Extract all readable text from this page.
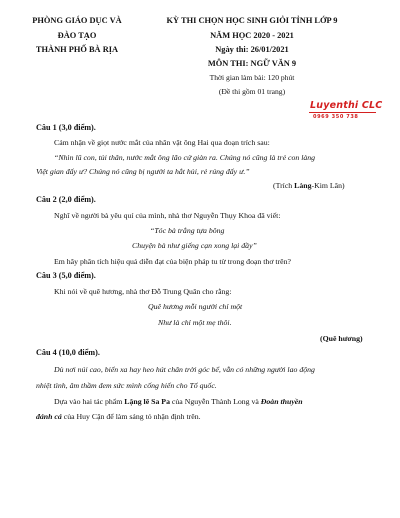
PHÒNG GIÁO DỤC VÀ
ĐÀO TẠO
THÀNH PHỐ BÀ RỊA
KỲ THI CHỌN HỌC SINH GIỎI TỈNH LỚP 9
NĂM HỌC 2020 - 2021
Ngày thi: 26/01/2021
MÔN THI: NGỮ VĂN 9
Thời gian làm bài: 120 phút
(Đề thi gồm 01 trang)
Luyenthi CLC
0969 350 738
Câu 1 (3,0 điểm).
Cảm nhận về giọt nước mắt của nhân vật ông Hai qua đoạn trích sau:
“Nhìn lũ con, tủi thân, nước mắt ông lão cứ giàn ra. Chúng nó cũng là trẻ con làng
Việt gian đấy ư? Chúng nó cũng bị người ta hắt hủi, rẻ rúng đấy ư.”
(Trích Làng-Kim Lân)
Câu 2 (2,0 điểm).
Nghĩ về người bà yêu quí của mình, nhà thơ Nguyễn Thụy Khoa đã viết:
“Tóc bà trắng tựa bông
Chuyện bà như giếng cạn xong lại đầy”
Em hãy phân tích hiệu quả diễn đạt của biện pháp tu từ trong đoạn thơ trên?
Câu 3 (5,0 điểm).
Khi nói về quê hương, nhà thơ Đỗ Trung Quân cho rằng:
Quê hương mỗi người chỉ một
Như là chỉ một mẹ thôi.
(Quê hương)
Câu 4 (10,0 điểm).
Dù nơi núi cao, biển xa hay heo hút chân trời góc bể, vẫn có những người lao động
nhiệt tình, âm thầm đem sức mình cống hiến cho Tổ quốc.
Dựa vào hai tác phẩm Lặng lẽ Sa Pa của Nguyễn Thành Long và Đoàn thuyền
đánh cá của Huy Cận để làm sáng tỏ nhận định trên.
